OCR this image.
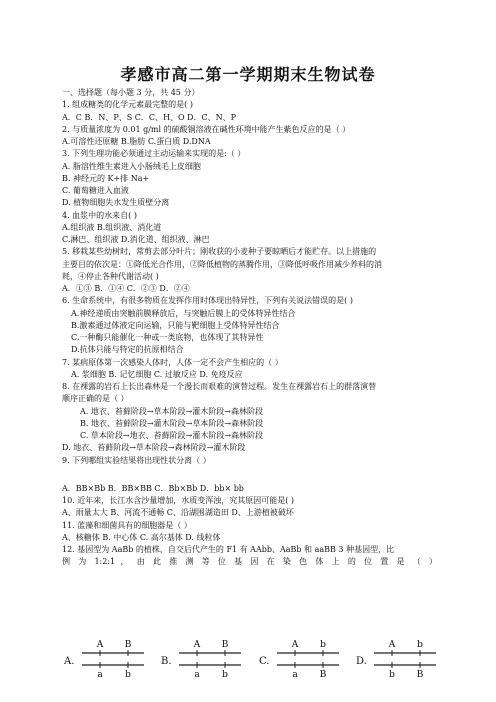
孝感市高二第一学期期末生物试卷
一、选择题（每小题 3 分，共 45 分）
1. 组成糖类的化学元素最完整的是( )
A．C B．N、P、S C．C、H、O D．C、N、P
2. 与质量浓度为 0.01 g/ml 的硫酸铜溶液在碱性环境中能产生紫色反应的是（ ）
A.可溶性还原糖 B.脂肪 C.蛋白质 D.DNA
3. 下列生理功能必须通过主动运输来实现的是:（ ）
A. 脂溶性维生素进入小肠绒毛上皮细胞
B. 神经元的 K+排 Na+
C. 葡萄糖进入血液
D. 植物细胞失水发生质壁分离
4. 血浆中的水来自( )
A.组织液 B.组织液、消化道
C.淋巴、组织液 D.消化道、组织液、淋巴
5. 移栽某些幼树时，常剪去部分叶片；刚收获的小麦种子要晾晒后才能贮存。以上措施的
主要目的依次是：①降低光合作用，②降低植物的蒸腾作用，③降低呼吸作用减少养料的消
耗，④停止各种代谢活动( )
A．①③ B．①④ C．②③ D．②④
6. 生命系统中，有很多物质在发挥作用时体现出特异性，下列有关说法错误的是( )
A.神经递质由突触前膜释放后，与突触后膜上的受体特异性结合
B.激素通过体液定向运输，只能与靶细胞上受体特异性结合
C.一种酶只能催化一种或一类底物，也体现了其特异性
D.抗体只能与特定的抗原相结合
7. 某病原体第一次感染人体时，人体一定不会产生相应的（ ）
A. 浆细胞 B. 记忆细胞 C. 过敏反应 D. 免疫反应
8. 在裸露的岩石上长出森林是一个漫长而艰难的演替过程。发生在裸露岩石上的群落演替
顺序正确的是（ ）
A. 地衣、苔藓阶段→草本阶段→灌木阶段→森林阶段
B. 地衣、苔藓阶段→灌木阶段→草本阶段→森林阶段
C. 草本阶段→地衣、苔藓阶段→灌木阶段→森林阶段
D. 地衣、苔藓阶段→草本阶段→森林阶段→灌木阶段
9. 下列哪组实验结果将出现性状分离（ ）
A．BB×Bb B．BB×BB C．Bb×Bb D．bb× bb
10. 近年来，长江水含沙量增加，水质变浑浊，究其原因可能是( )
A、雨量太大 B、河流不通畅 C、沿湖围湖造田 D、上游植被破坏
11. 蓝藻和细菌具有的细胞器是（ ）
A、核糖体 B. 中心体 C. 高尔基体 D. 线粒体
12. 基因型为 AaBb 的植株，自交后代产生的 F1 有 AAbb、AaBb 和 aaBB 3 种基因型，比
例 为 1:2:1 ， 由 此 推 测 等 位 基 因 在 染 色 体 上 的 位 置 是 （ ）
A.
A B
a b
B.
A B
a b
C.
A b
a B
D.
A b
b B
